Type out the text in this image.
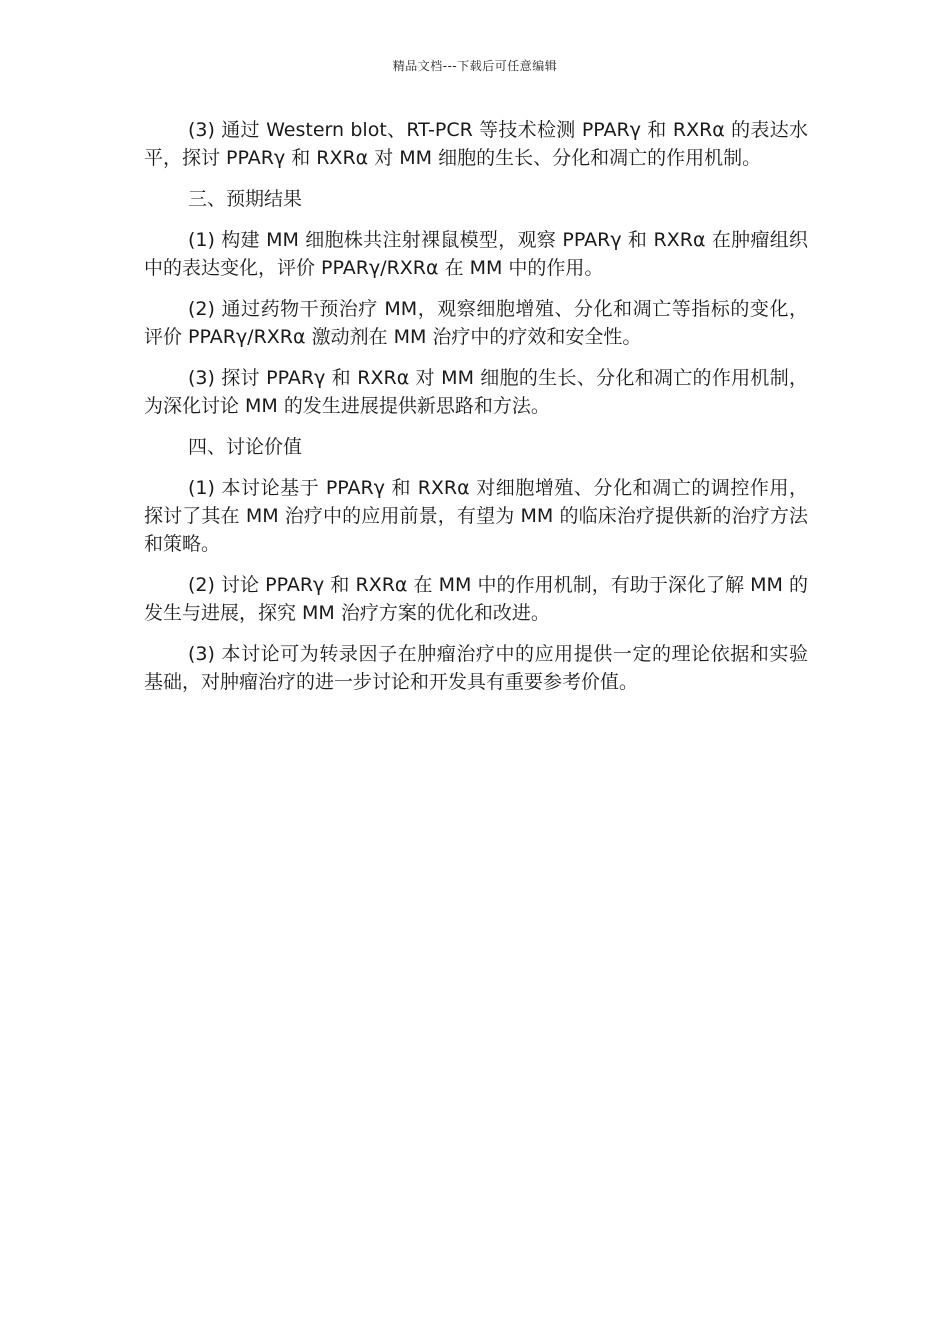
精品文档---下载后可任意编辑

(3) 通过 Western blot、RT-PCR 等技术检测 PPARγ 和 RXRα 的表达水平，探讨 PPARγ 和 RXRα 对 MM 细胞的生长、分化和凋亡的作用机制。

三、预期结果

(1) 构建 MM 细胞株共注射裸鼠模型，观察 PPARγ 和 RXRα 在肿瘤组织中的表达变化，评价 PPARγ/RXRα 在 MM 中的作用。

(2) 通过药物干预治疗 MM，观察细胞增殖、分化和凋亡等指标的变化，评价 PPARγ/RXRα 激动剂在 MM 治疗中的疗效和安全性。

(3) 探讨 PPARγ 和 RXRα 对 MM 细胞的生长、分化和凋亡的作用机制，为深化讨论 MM 的发生进展提供新思路和方法。

四、讨论价值

(1) 本讨论基于 PPARγ 和 RXRα 对细胞增殖、分化和凋亡的调控作用，探讨了其在 MM 治疗中的应用前景，有望为 MM 的临床治疗提供新的治疗方法和策略。

(2) 讨论 PPARγ 和 RXRα 在 MM 中的作用机制，有助于深化了解 MM 的发生与进展，探究 MM 治疗方案的优化和改进。

(3) 本讨论可为转录因子在肿瘤治疗中的应用提供一定的理论依据和实验基础，对肿瘤治疗的进一步讨论和开发具有重要参考价值。
